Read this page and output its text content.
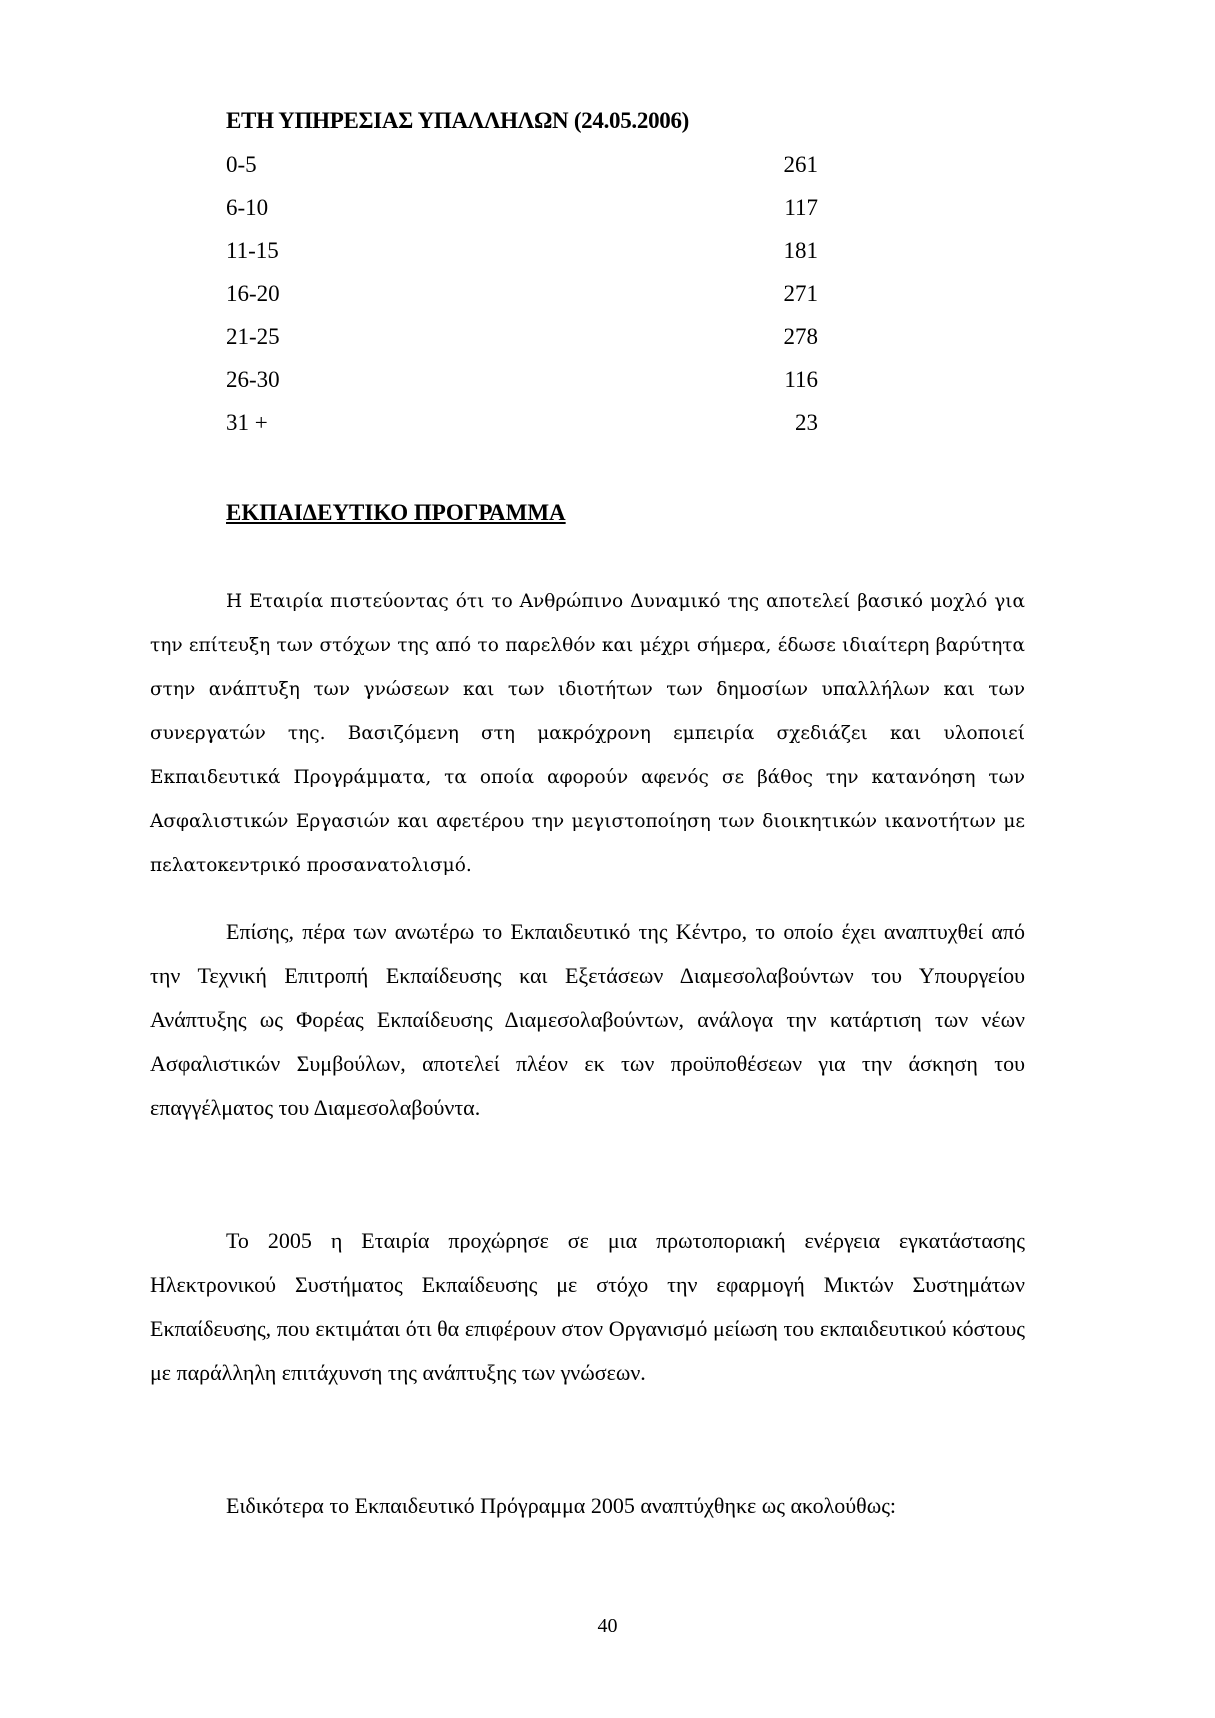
ΕΤΗ ΥΠΗΡΕΣΙΑΣ ΥΠΑΛΛΗΛΩΝ (24.05.2006)
0-5	261
6-10	117
11-15	181
16-20	271
21-25	278
26-30	116
31 +	23
ΕΚΠΑΙΔΕΥΤΙΚΟ ΠΡΟΓΡΑΜΜΑ

Η Εταιρία πιστεύοντας ότι το Ανθρώπινο Δυναμικό της αποτελεί βασικό μοχλό για την επίτευξη των στόχων της από το παρελθόν και μέχρι σήμερα, έδωσε ιδιαίτερη βαρύτητα στην ανάπτυξη των γνώσεων και των ιδιοτήτων των δημοσίων υπαλλήλων και των συνεργατών της. Βασιζόμενη στη μακρόχρονη εμπειρία σχεδιάζει και υλοποιεί Εκπαιδευτικά Προγράμματα, τα οποία αφορούν αφενός σε βάθος την κατανόηση των Ασφαλιστικών Εργασιών και αφετέρου την μεγιστοποίηση των διοικητικών ικανοτήτων με πελατοκεντρικό προσανατολισμό.

Επίσης, πέρα των ανωτέρω το Εκπαιδευτικό της Κέντρο, το οποίο έχει αναπτυχθεί από την Τεχνική Επιτροπή Εκπαίδευσης και Εξετάσεων Διαμεσολαβούντων του Υπουργείου Ανάπτυξης ως Φορέας Εκπαίδευσης Διαμεσολαβούντων, ανάλογα την κατάρτιση των νέων Ασφαλιστικών Συμβούλων, αποτελεί πλέον εκ των προϋποθέσεων για την άσκηση του επαγγέλματος του Διαμεσολαβούντα.

Το 2005 η Εταιρία προχώρησε σε μια πρωτοποριακή ενέργεια εγκατάστασης Ηλεκτρονικού Συστήματος Εκπαίδευσης με στόχο την εφαρμογή Μικτών Συστημάτων Εκπαίδευσης, που εκτιμάται ότι θα επιφέρουν στον Οργανισμό μείωση του εκπαιδευτικού κόστους με παράλληλη επιτάχυνση της ανάπτυξης των γνώσεων.

Ειδικότερα το Εκπαιδευτικό Πρόγραμμα 2005 αναπτύχθηκε ως ακολούθως:

40
